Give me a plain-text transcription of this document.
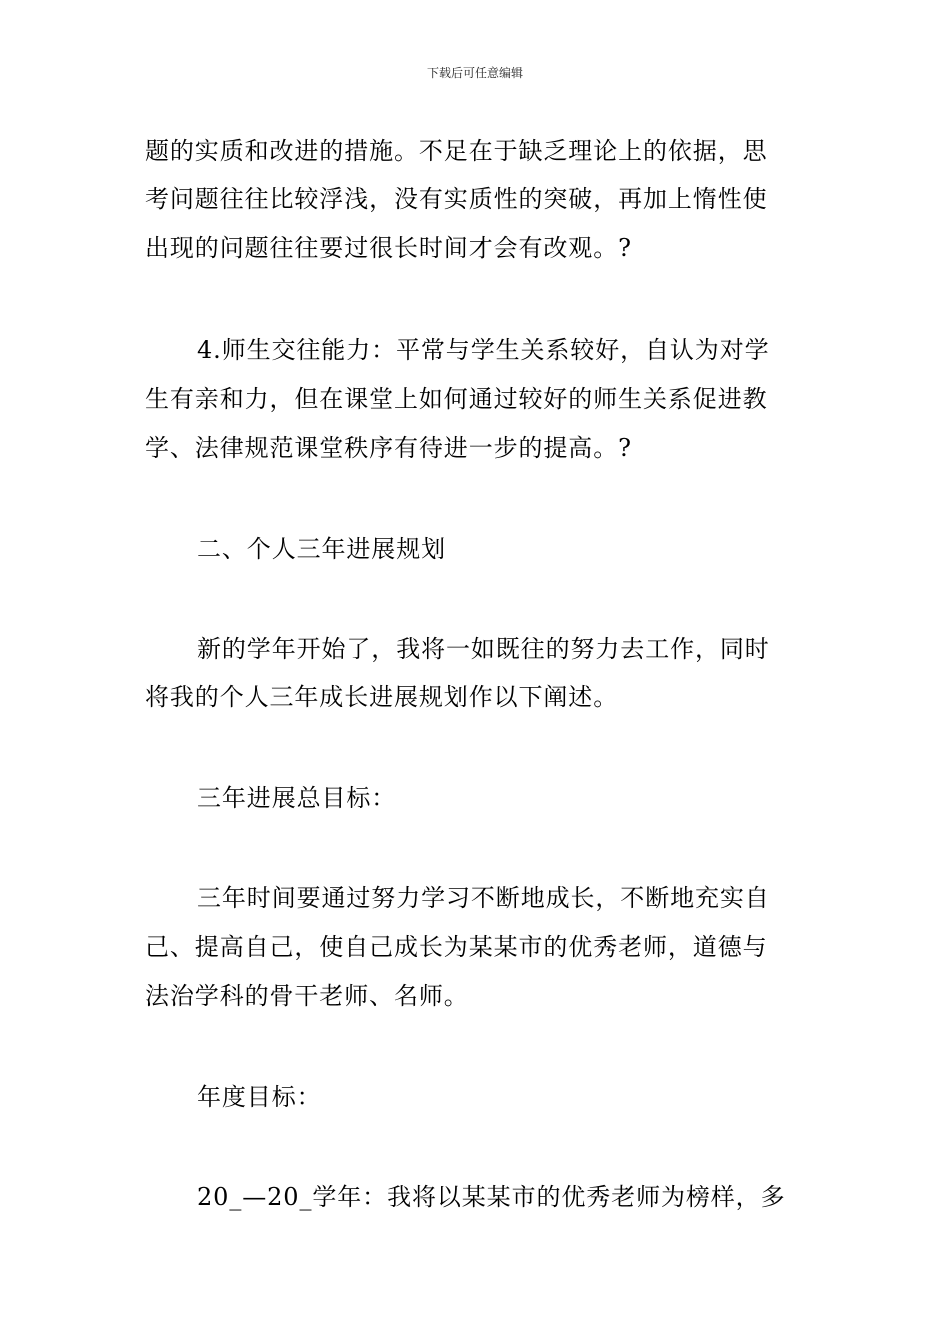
下载后可任意编辑
题的实质和改进的措施。不足在于缺乏理论上的依据，思
考问题往往比较浮浅，没有实质性的突破，再加上惰性使
出现的问题往往要过很长时间才会有改观。?
4.师生交往能力：平常与学生关系较好，自认为对学
生有亲和力，但在课堂上如何通过较好的师生关系促进教
学、法律规范课堂秩序有待进一步的提高。?
二、个人三年进展规划
新的学年开始了，我将一如既往的努力去工作，同时
将我的个人三年成长进展规划作以下阐述。
三年进展总目标：
三年时间要通过努力学习不断地成长，不断地充实自
己、提高自己，使自己成长为某某市的优秀老师，道德与
法治学科的骨干老师、名师。
年度目标：
20_—20_学年：我将以某某市的优秀老师为榜样，多
